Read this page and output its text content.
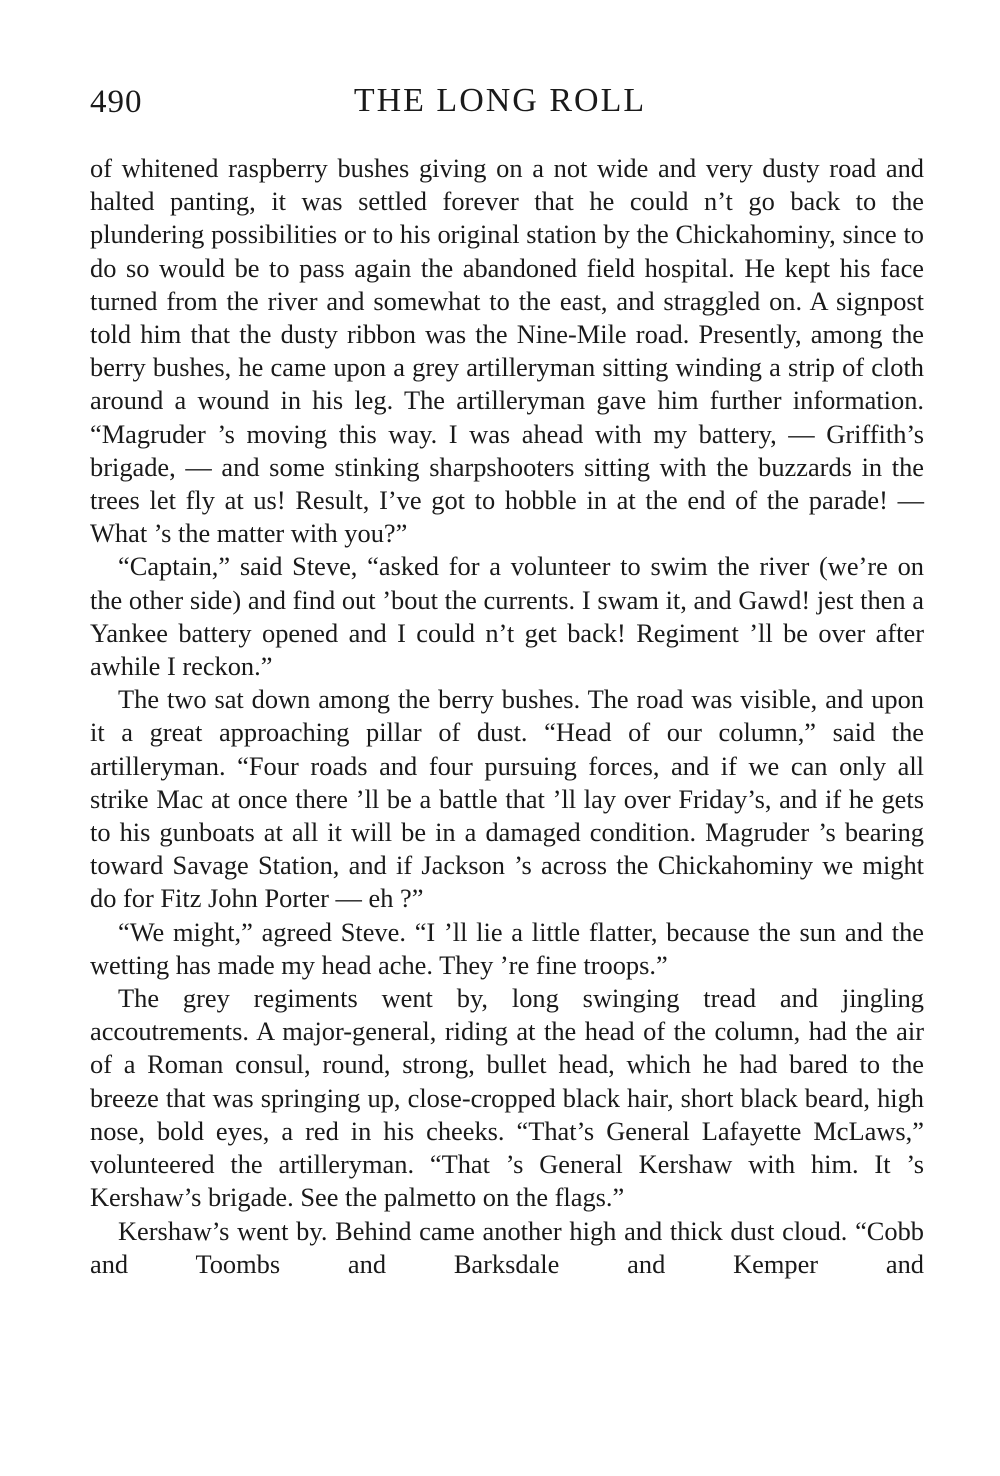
490	THE LONG ROLL

of whitened raspberry bushes giving on a not wide and very dusty road and halted panting, it was settled forever that he could n’t go back to the plundering possibilities or to his original station by the Chickahominy, since to do so would be to pass again the abandoned field hospital. He kept his face turned from the river and somewhat to the east, and straggled on. A signpost told him that the dusty ribbon was the Nine-Mile road. Presently, among the berry bushes, he came upon a grey artilleryman sitting winding a strip of cloth around a wound in his leg. The artilleryman gave him further information. “Magruder ’s moving this way. I was ahead with my battery, — Griffith’s brigade, — and some stinking sharpshooters sitting with the buzzards in the trees let fly at us! Result, I’ve got to hobble in at the end of the parade! — What ’s the matter with you?”

“Captain,” said Steve, “asked for a volunteer to swim the river (we’re on the other side) and find out ’bout the currents. I swam it, and Gawd! jest then a Yankee battery opened and I could n’t get back! Regiment ’ll be over after awhile I reckon.”

The two sat down among the berry bushes. The road was visible, and upon it a great approaching pillar of dust. “Head of our column,” said the artilleryman. “Four roads and four pursuing forces, and if we can only all strike Mac at once there ’ll be a battle that ’ll lay over Friday’s, and if he gets to his gunboats at all it will be in a damaged condition. Magruder ’s bearing toward Savage Station, and if Jackson ’s across the Chickahominy we might do for Fitz John Porter — eh ?”

“We might,” agreed Steve. “I ’ll lie a little flatter, because the sun and the wetting has made my head ache. They ’re fine troops.”

The grey regiments went by, long swinging tread and jingling accoutrements. A major-general, riding at the head of the column, had the air of a Roman consul, round, strong, bullet head, which he had bared to the breeze that was springing up, close-cropped black hair, short black beard, high nose, bold eyes, a red in his cheeks. “That’s General Lafayette McLaws,” volunteered the artilleryman. “That ’s General Kershaw with him. It ’s Kershaw’s brigade. See the palmetto on the flags.”

Kershaw’s went by. Behind came another high and thick dust cloud. “Cobb and Toombs and Barksdale and Kemper and
